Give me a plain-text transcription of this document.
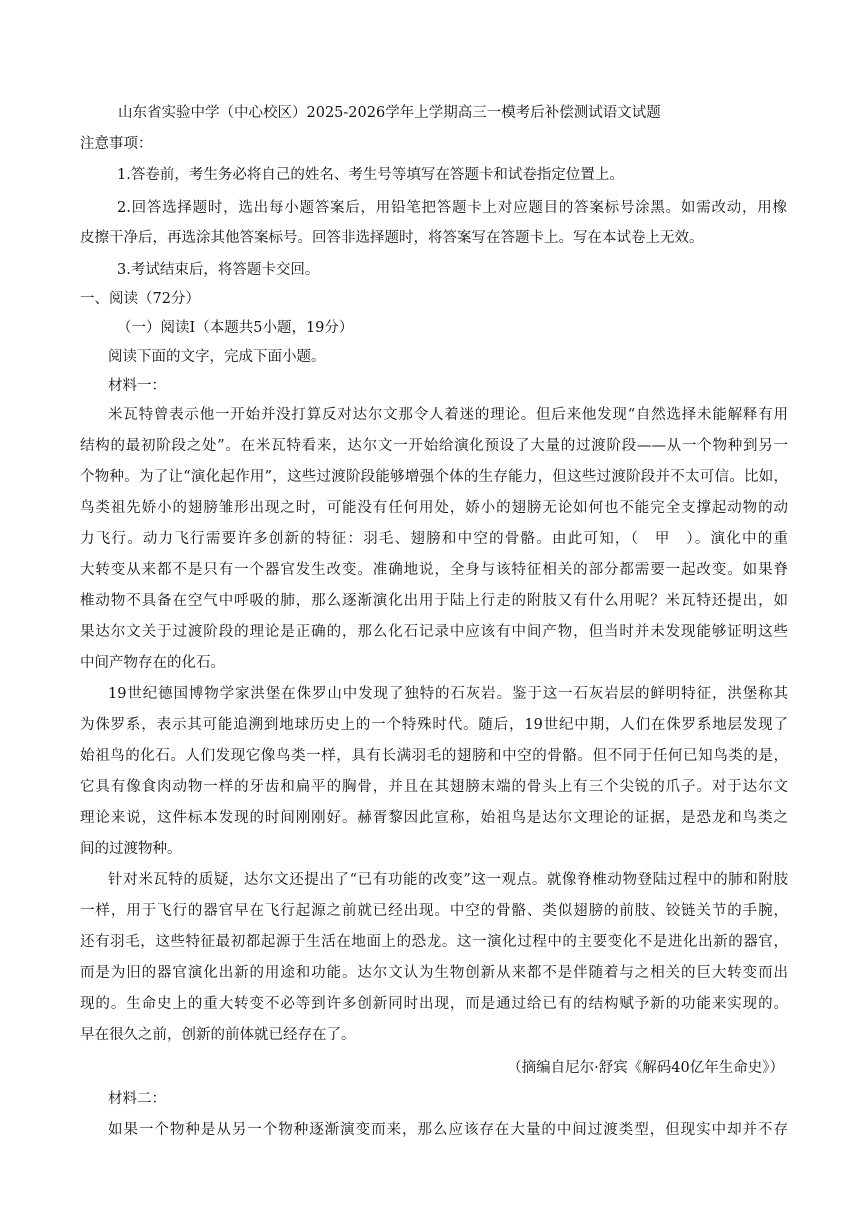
山东省实验中学（中心校区）2025-2026学年上学期高三一模考后补偿测试语文试题
注意事项：
1.答卷前，考生务必将自己的姓名、考生号等填写在答题卡和试卷指定位置上。
2.回答选择题时，选出每小题答案后，用铅笔把答题卡上对应题目的答案标号涂黑。如需改动，用橡
皮擦干净后，再选涂其他答案标号。回答非选择题时，将答案写在答题卡上。写在本试卷上无效。
3.考试结束后，将答题卡交回。
一、阅读（72分）
（一）阅读Ⅰ（本题共5小题，19分）
阅读下面的文字，完成下面小题。
材料一：
米瓦特曾表示他一开始并没打算反对达尔文那令人着迷的理论。但后来他发现“自然选择未能解释有用
结构的最初阶段之处”。在米瓦特看来，达尔文一开始给演化预设了大量的过渡阶段——从一个物种到另一
个物种。为了让“演化起作用”，这些过渡阶段能够增强个体的生存能力，但这些过渡阶段并不太可信。比如，
鸟类祖先娇小的翅膀雏形出现之时，可能没有任何用处，娇小的翅膀无论如何也不能完全支撑起动物的动
力飞行。动力飞行需要许多创新的特征：羽毛、翅膀和中空的骨骼。由此可知，（　甲　）。演化中的重
大转变从来都不是只有一个器官发生改变。准确地说，全身与该特征相关的部分都需要一起改变。如果脊
椎动物不具备在空气中呼吸的肺，那么逐渐演化出用于陆上行走的附肢又有什么用呢？米瓦特还提出，如
果达尔文关于过渡阶段的理论是正确的，那么化石记录中应该有中间产物，但当时并未发现能够证明这些
中间产物存在的化石。
19世纪德国博物学家洪堡在侏罗山中发现了独特的石灰岩。鉴于这一石灰岩层的鲜明特征，洪堡称其
为侏罗系，表示其可能追溯到地球历史上的一个特殊时代。随后，19世纪中期，人们在侏罗系地层发现了
始祖鸟的化石。人们发现它像鸟类一样，具有长满羽毛的翅膀和中空的骨骼。但不同于任何已知鸟类的是，
它具有像食肉动物一样的牙齿和扁平的胸骨，并且在其翅膀末端的骨头上有三个尖锐的爪子。对于达尔文
理论来说，这件标本发现的时间刚刚好。赫胥黎因此宣称，始祖鸟是达尔文理论的证据，是恐龙和鸟类之
间的过渡物种。
针对米瓦特的质疑，达尔文还提出了“已有功能的改变”这一观点。就像脊椎动物登陆过程中的肺和附肢
一样，用于飞行的器官早在飞行起源之前就已经出现。中空的骨骼、类似翅膀的前肢、铰链关节的手腕，
还有羽毛，这些特征最初都起源于生活在地面上的恐龙。这一演化过程中的主要变化不是进化出新的器官，
而是为旧的器官演化出新的用途和功能。达尔文认为生物创新从来都不是伴随着与之相关的巨大转变而出
现的。生命史上的重大转变不必等到许多创新同时出现，而是通过给已有的结构赋予新的功能来实现的。
早在很久之前，创新的前体就已经存在了。
（摘编自尼尔·舒宾《解码40亿年生命史》）
材料二：
如果一个物种是从另一个物种逐渐演变而来，那么应该存在大量的中间过渡类型，但现实中却并不存
